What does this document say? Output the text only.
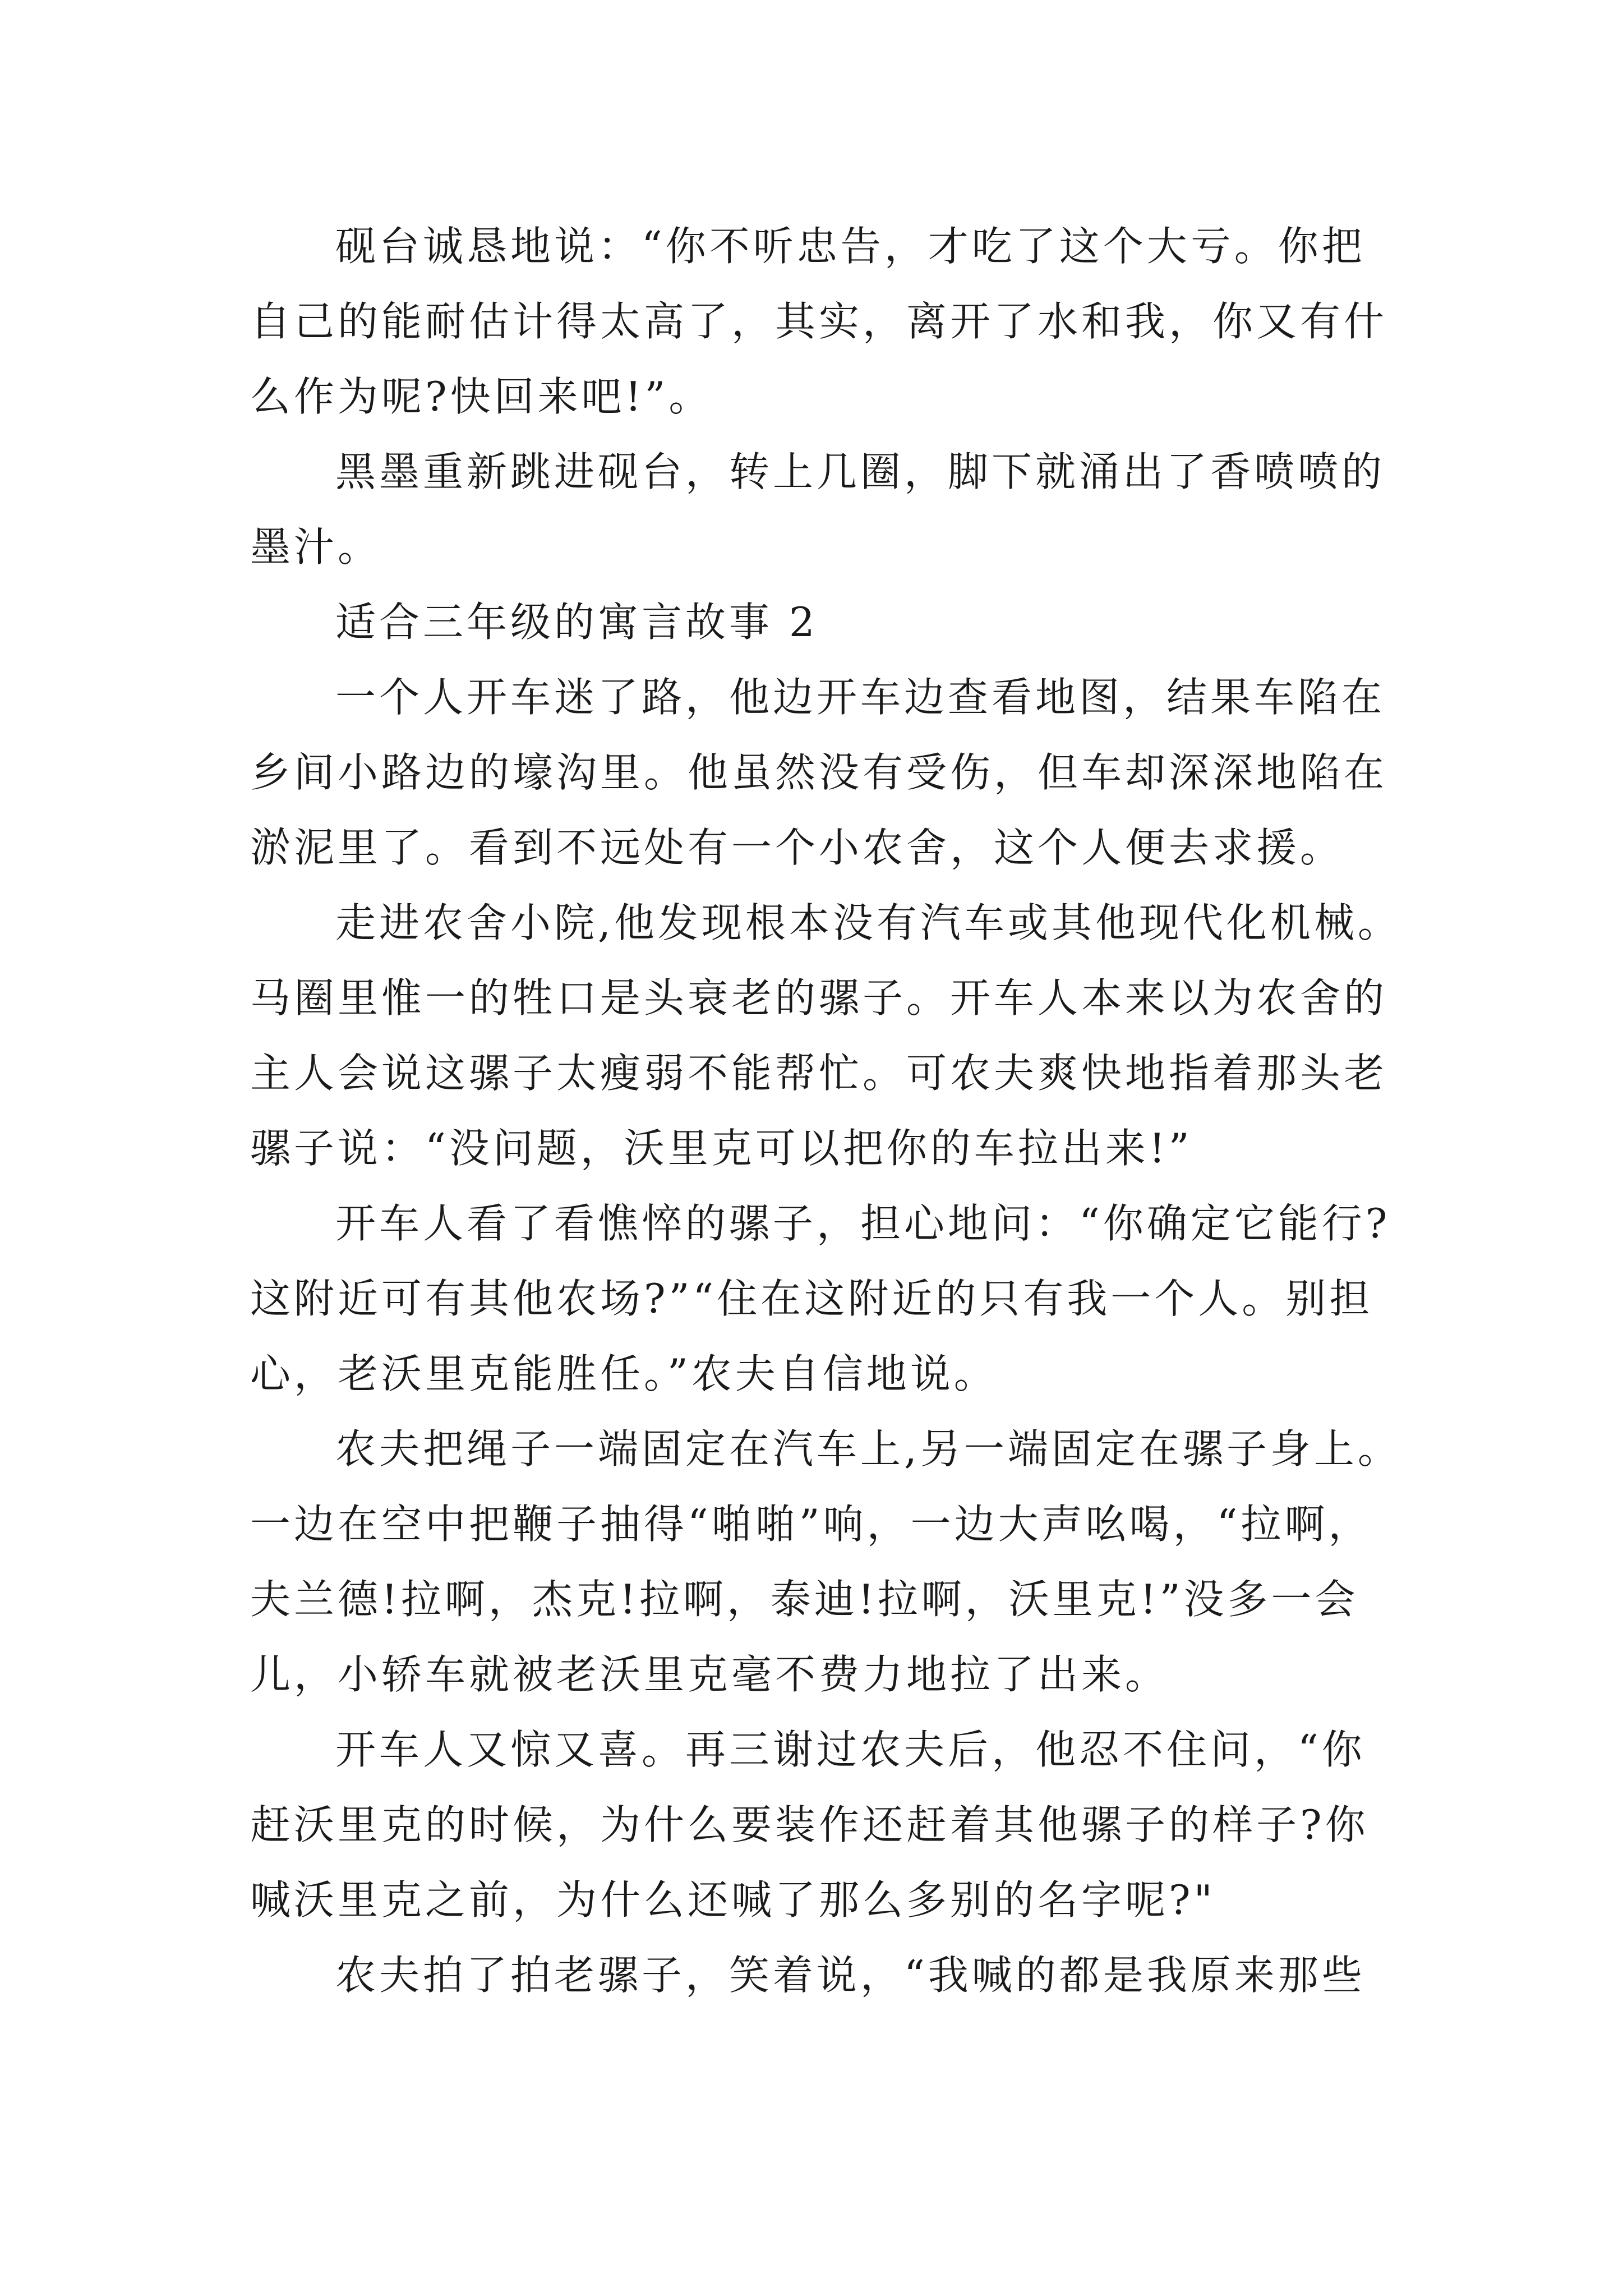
砚台诚恳地说：“你不听忠告，才吃了这个大亏。你把
自己的能耐估计得太高了，其实，离开了水和我，你又有什
么作为呢?快回来吧!”。
黑墨重新跳进砚台，转上几圈，脚下就涌出了香喷喷的
墨汁。
适合三年级的寓言故事 2
一个人开车迷了路，他边开车边查看地图，结果车陷在
乡间小路边的壕沟里。他虽然没有受伤，但车却深深地陷在
淤泥里了。看到不远处有一个小农舍，这个人便去求援。
走进农舍小院,他发现根本没有汽车或其他现代化机械。
马圈里惟一的牲口是头衰老的骡子。开车人本来以为农舍的
主人会说这骡子太瘦弱不能帮忙。可农夫爽快地指着那头老
骡子说：“没问题，沃里克可以把你的车拉出来!”
开车人看了看憔悴的骡子，担心地问：“你确定它能行?
这附近可有其他农场?”“住在这附近的只有我一个人。别担
心，老沃里克能胜任。”农夫自信地说。
农夫把绳子一端固定在汽车上,另一端固定在骡子身上。
一边在空中把鞭子抽得“啪啪”响，一边大声吆喝，“拉啊，
夫兰德!拉啊，杰克!拉啊，泰迪!拉啊，沃里克!”没多一会
儿，小轿车就被老沃里克毫不费力地拉了出来。
开车人又惊又喜。再三谢过农夫后，他忍不住问，“你
赶沃里克的时候，为什么要装作还赶着其他骡子的样子?你
喊沃里克之前，为什么还喊了那么多别的名字呢?"
农夫拍了拍老骡子，笑着说，“我喊的都是我原来那些
